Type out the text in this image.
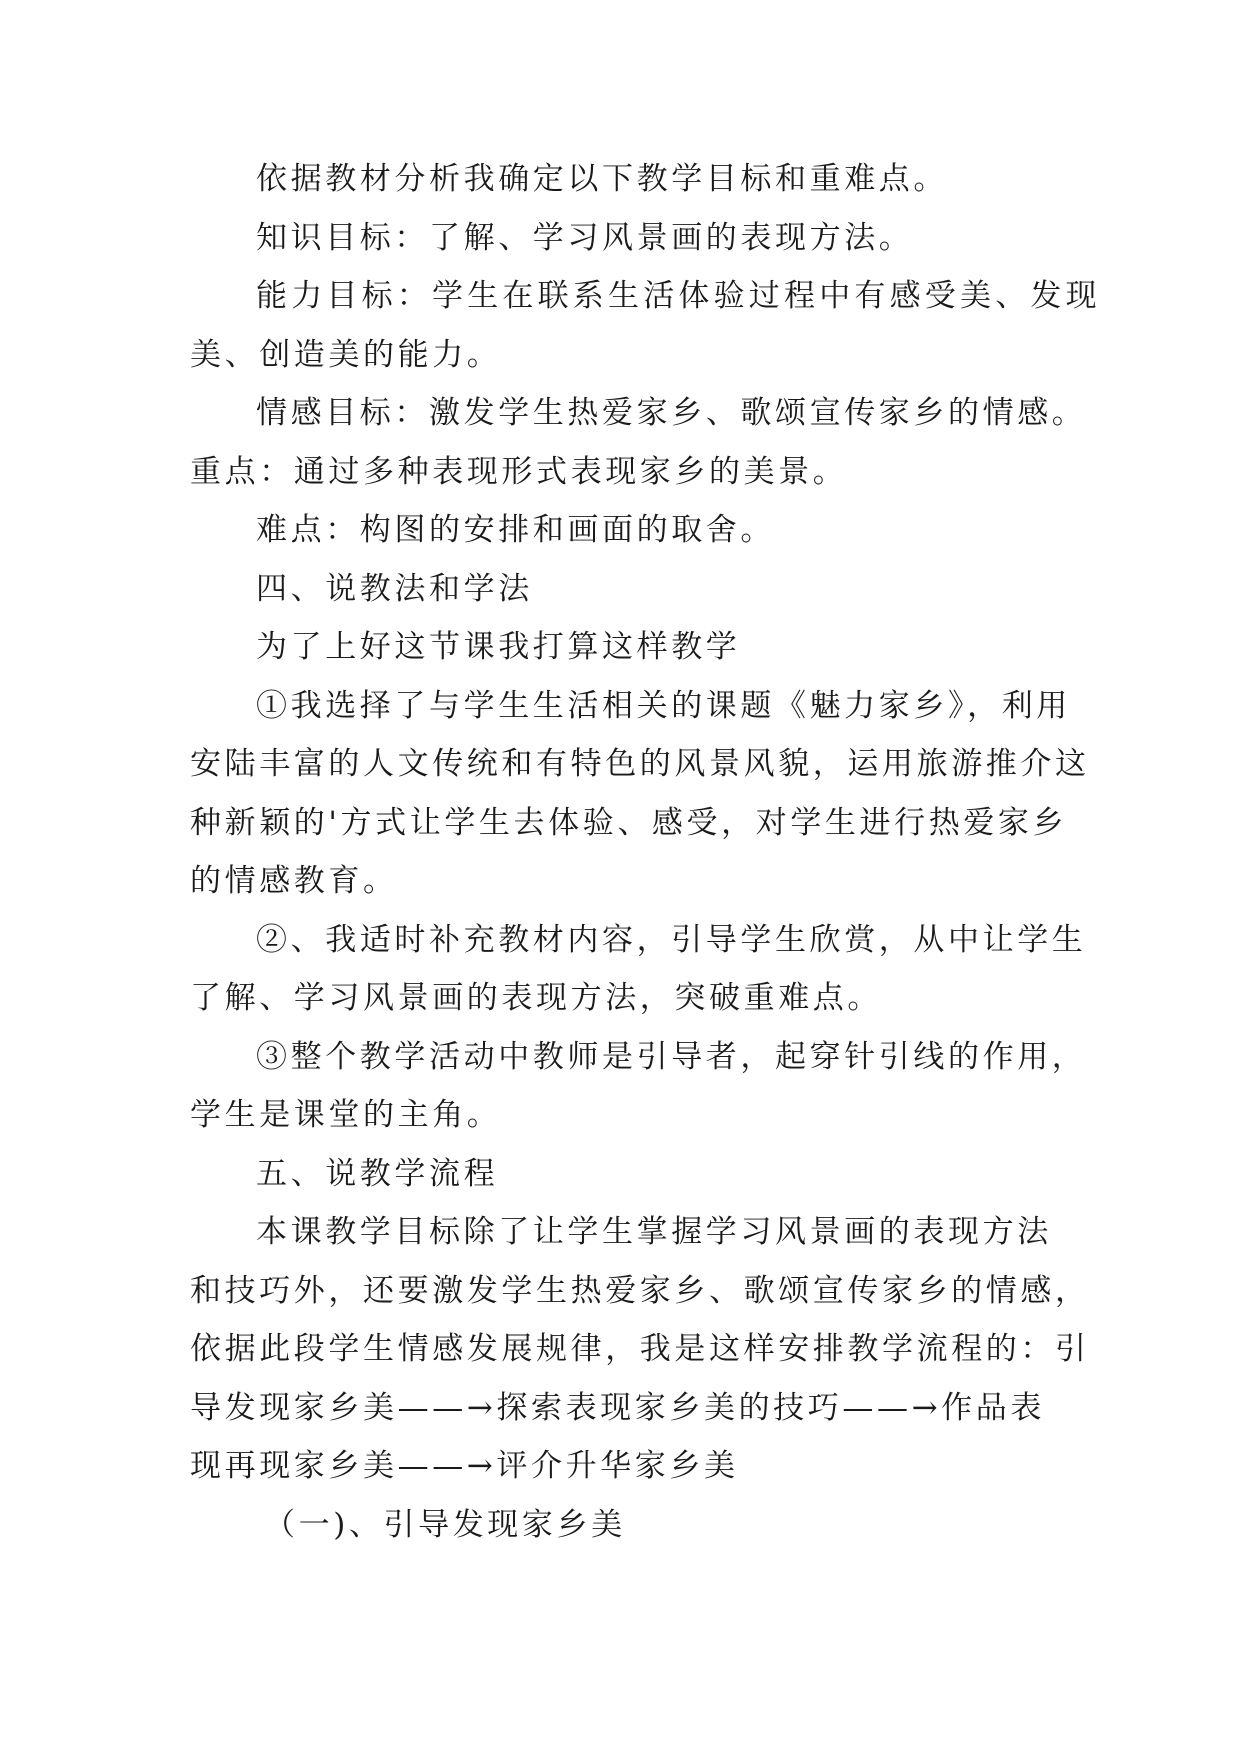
依据教材分析我确定以下教学目标和重难点。
知识目标：了解、学习风景画的表现方法。
能力目标：学生在联系生活体验过程中有感受美、发现
美、创造美的能力。
情感目标：激发学生热爱家乡、歌颂宣传家乡的情感。
重点：通过多种表现形式表现家乡的美景。
难点：构图的安排和画面的取舍。
四、说教法和学法
为了上好这节课我打算这样教学
①我选择了与学生生活相关的课题《魅力家乡》，利用
安陆丰富的人文传统和有特色的风景风貌，运用旅游推介这
种新颖的'方式让学生去体验、感受，对学生进行热爱家乡
的情感教育。
②、我适时补充教材内容，引导学生欣赏，从中让学生
了解、学习风景画的表现方法，突破重难点。
③整个教学活动中教师是引导者，起穿针引线的作用，
学生是课堂的主角。
五、说教学流程
本课教学目标除了让学生掌握学习风景画的表现方法
和技巧外，还要激发学生热爱家乡、歌颂宣传家乡的情感，
依据此段学生情感发展规律，我是这样安排教学流程的：引
导发现家乡美——→探索表现家乡美的技巧——→作品表
现再现家乡美——→评介升华家乡美
（一)、引导发现家乡美
